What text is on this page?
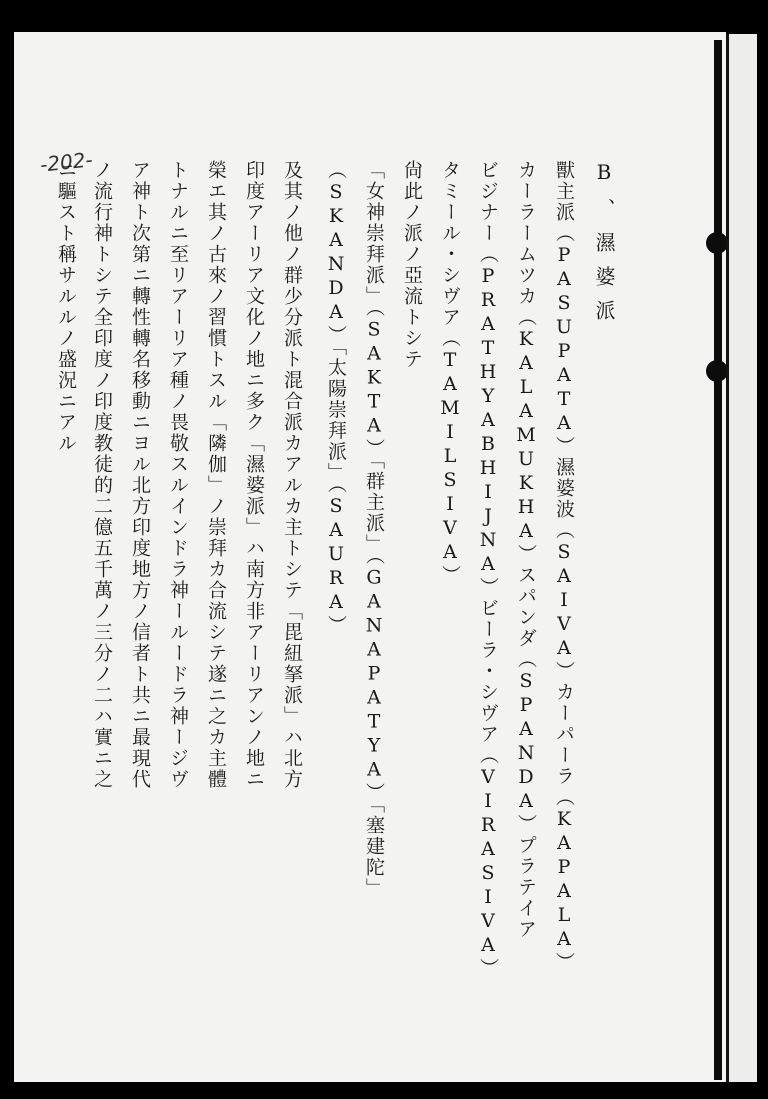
-202-	B、濕婆派
獸主派（PASUPATA）濕婆波（SAIVA）カーパーラ（KAPALA）
カーラームツカ（KALAMUKHA）スパンダ（SPANDA）プラテイア
ビジナー（PRATHYABHIJNA）ビーラ・シヴア（VIRASIVA）
タミール・シヴア（TAMILSIVA）
尙此ノ派ノ亞流トシテ
「女神崇拜派」（SAKTA）「群主派」（GANAPATYA）「塞建陀」
（SKANDA）「太陽崇拜派」（SAURA）
及其ノ他ノ群少分派ト混合派カアルカ主トシテ「毘紐拏派」ハ北方
印度アーリア文化ノ地ニ多ク「濕婆派」ハ南方非アーリアンノ地ニ
榮エ其ノ古來ノ習慣トスル「隣伽」ノ崇拜カ合流シテ遂ニ之カ主體
トナルニ至リアーリア種ノ畏敬スルインドラ神ールードラ神ージヴ
ア神ト次第ニ轉性轉名移動ニヨル北方印度地方ノ信者ト共ニ最現代
ノ流行神トシテ全印度ノ印度教徒的二億五千萬ノ三分ノ二ハ實ニ之
ニ驅スト稱サルルノ盛況ニアル
